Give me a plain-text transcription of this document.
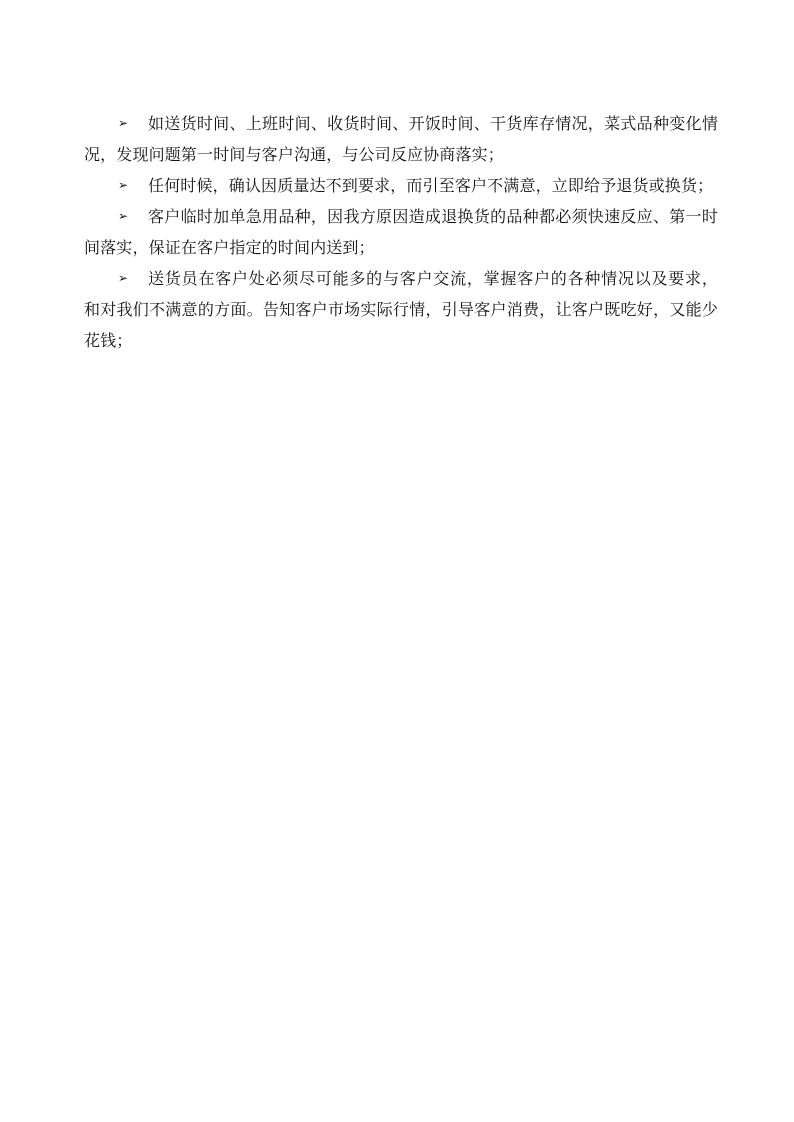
➢ 如送货时间、上班时间、收货时间、开饭时间、干货库存情况，菜式品种变化情况，发现问题第一时间与客户沟通，与公司反应协商落实；

➢ 任何时候，确认因质量达不到要求，而引至客户不满意，立即给予退货或换货；

➢ 客户临时加单急用品种，因我方原因造成退换货的品种都必须快速反应、第一时间落实，保证在客户指定的时间内送到；

➢ 送货员在客户处必须尽可能多的与客户交流，掌握客户的各种情况以及要求， 和对我们不满意的方面。告知客户市场实际行情，引导客户消费，让客户既吃好，又能少花钱；
